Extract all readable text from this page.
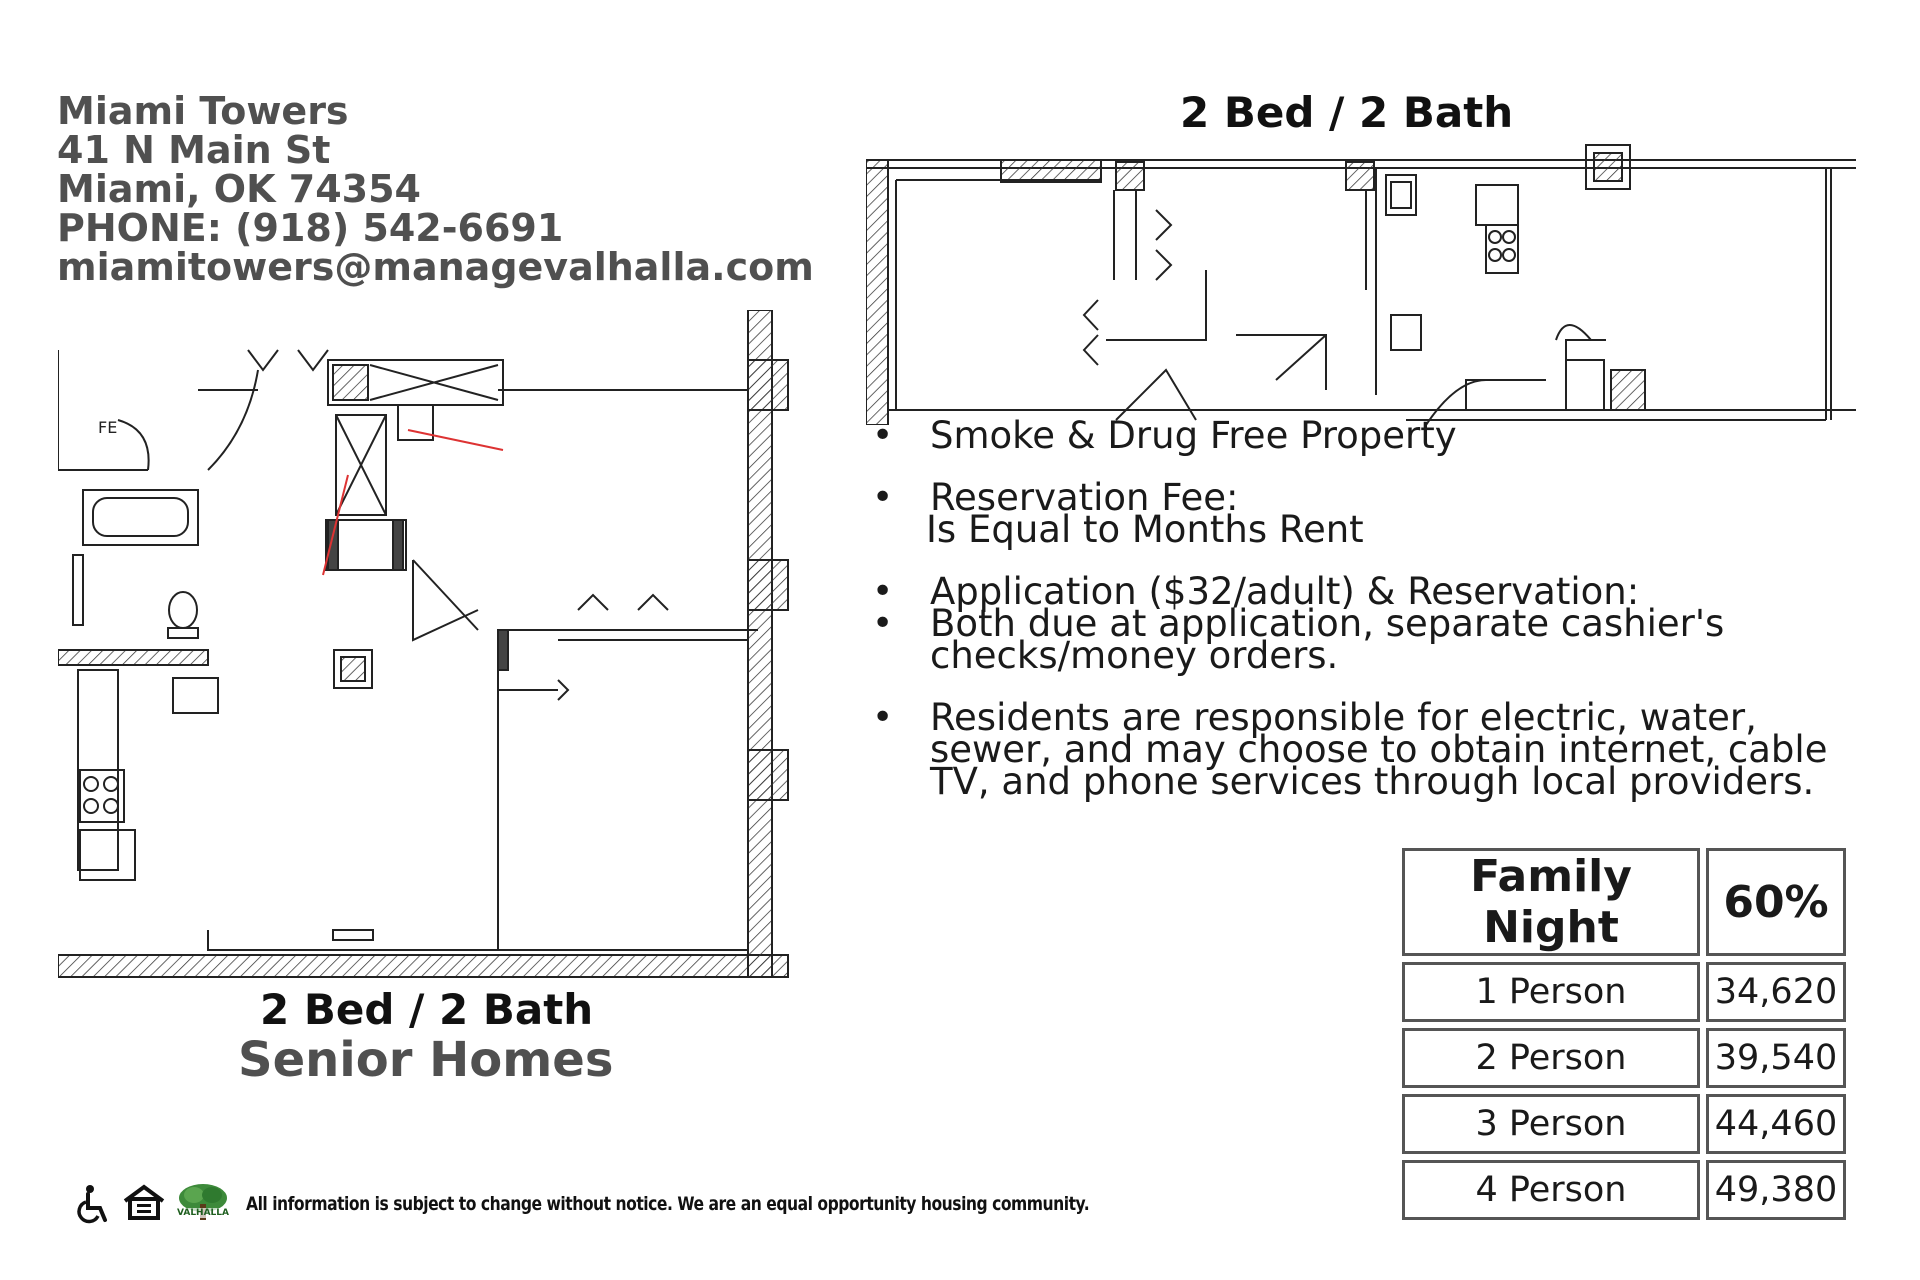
Miami Towers
41 N Main St
Miami, OK 74354
PHONE: (918) 542-6691
miamitowers@managevalhalla.com
2 Bed / 2 Bath
FE
2 Bed / 2 Bath
Senior Homes
• Smoke & Drug Free Property
• Reservation Fee:
Is Equal to Months Rent
• Application ($32/adult) & Reservation:
• Both due at application, separate cashier's
checks/money orders.
• Residents are responsible for electric, water,
sewer, and may choose to obtain internet, cable
TV, and phone services through local providers.
Family Night	60%
1 Person	34,620
2 Person	39,540
3 Person	44,460
4 Person	49,380
VALHALLA All information is subject to change without notice. We are an equal opportunity housing community.
